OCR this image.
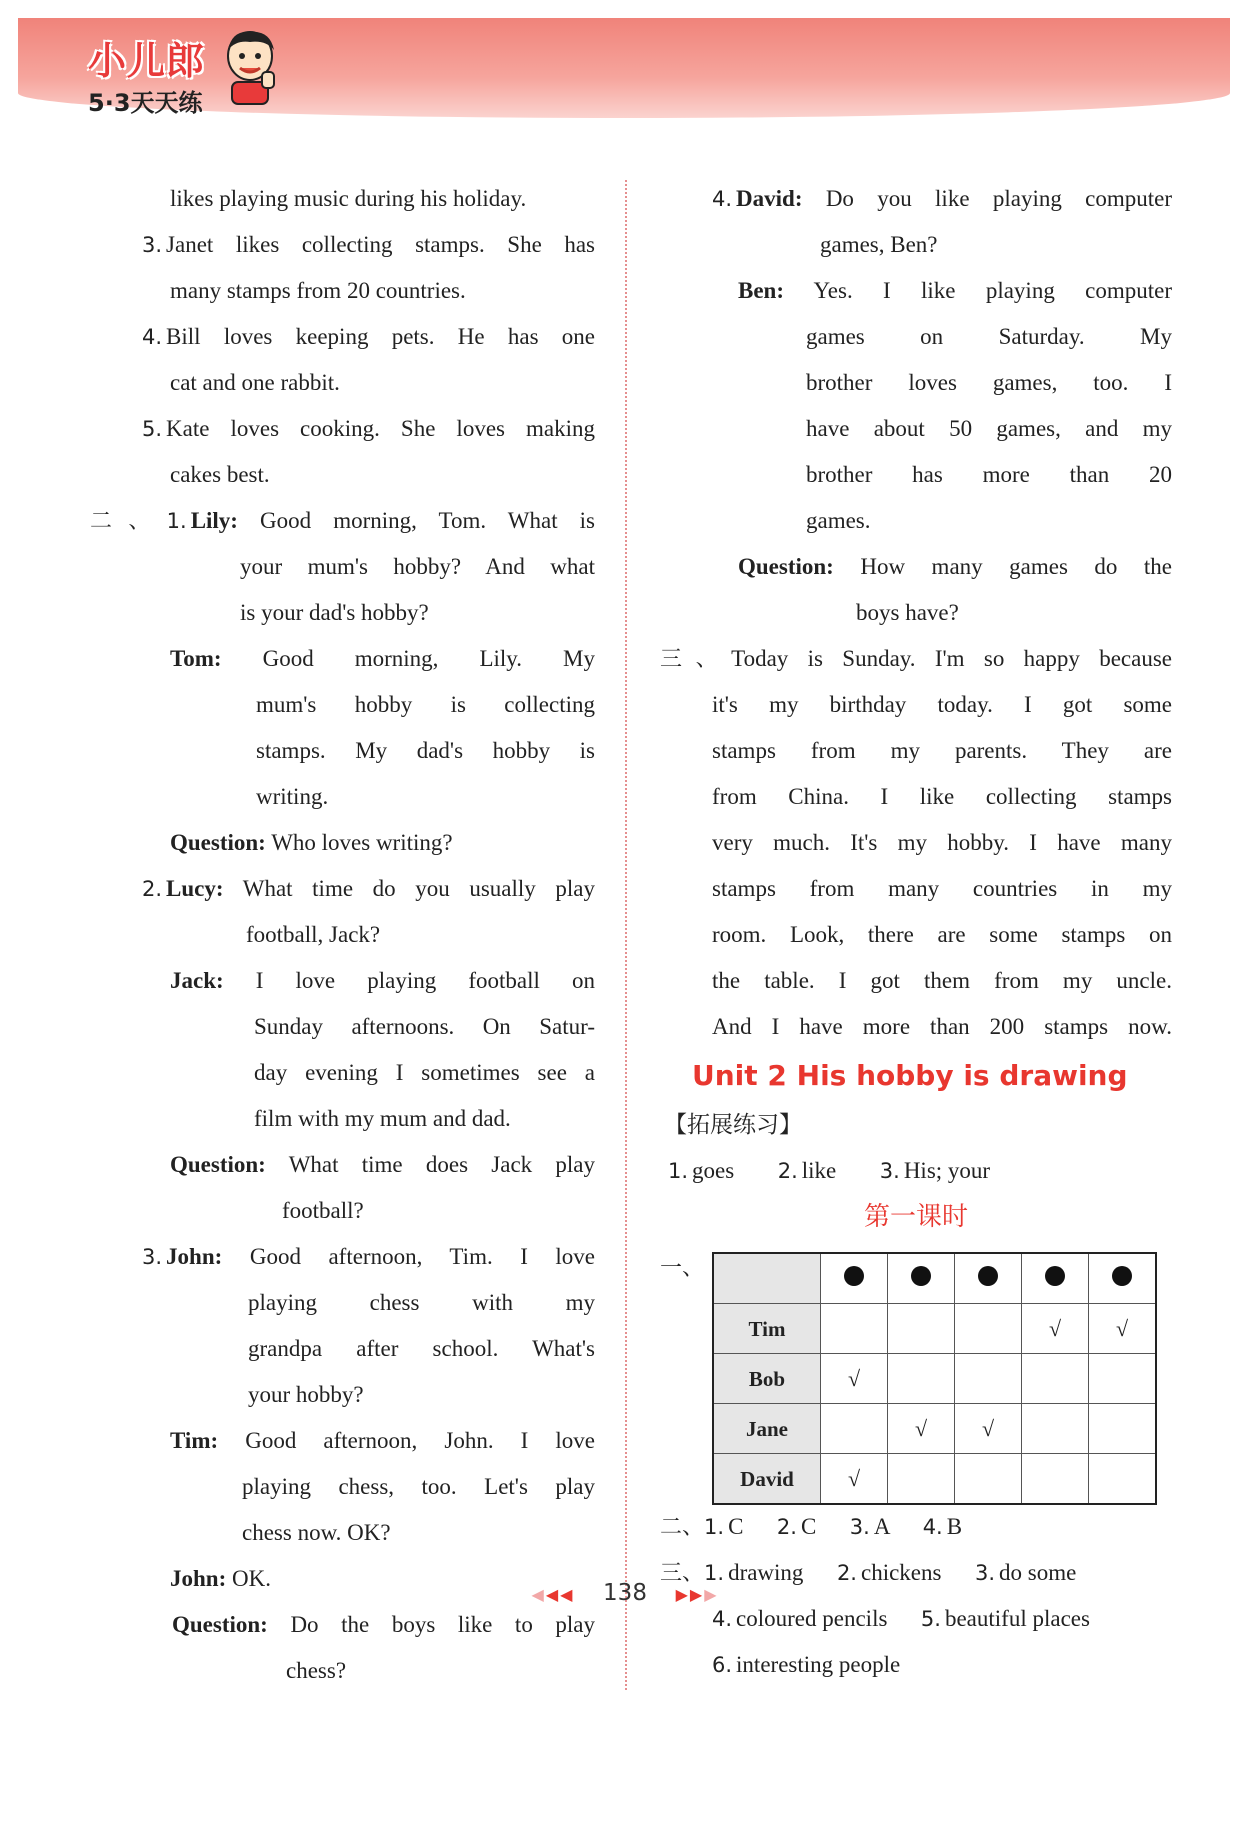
小儿郎
5·3天天练
likes playing music during his holiday.
3. Janet likes collecting stamps. She has
many stamps from 20 countries.
4. Bill loves keeping pets. He has one
cat and one rabbit.
5. Kate loves cooking. She loves making
cakes best.
二、1. Lily: Good morning, Tom. What is
your mum's hobby? And what
is your dad's hobby?
Tom: Good morning, Lily. My
mum's hobby is collecting
stamps. My dad's hobby is
writing.
Question: Who loves writing?
2. Lucy: What time do you usually play
football, Jack?
Jack: I love playing football on
Sunday afternoons. On Satur-
day evening I sometimes see a
film with my mum and dad.
Question: What time does Jack play
football?
3. John: Good afternoon, Tim. I love
playing chess with my
grandpa after school. What's
your hobby?
Tim: Good afternoon, John. I love
playing chess, too. Let's play
chess now. OK?
John: OK.
Question: Do the boys like to play
chess?
4. David: Do you like playing computer
games, Ben?
Ben: Yes. I like playing computer
games on Saturday. My
brother loves games, too. I
have about 50 games, and my
brother has more than 20
games.
Question: How many games do the
boys have?
三、Today is Sunday. I'm so happy because
it's my birthday today. I got some
stamps from my parents. They are
from China. I like collecting stamps
very much. It's my hobby. I have many
stamps from many countries in my
room. Look, there are some stamps on
the table. I got them from my uncle.
And I have more than 200 stamps now.
Unit 2 His hobby is drawing
【拓展练习】
1. goes 2. like 3. His; your
第一课时
一、

Tim				√	√
Bob	√				
Jane		√	√		
David	√				
二、1. C 2. C 3. A 4. B
三、1. drawing 2. chickens 3. do some
4. coloured pencils 5. beautiful places
6. interesting people
◀◀◀ 138 ▶▶▶
